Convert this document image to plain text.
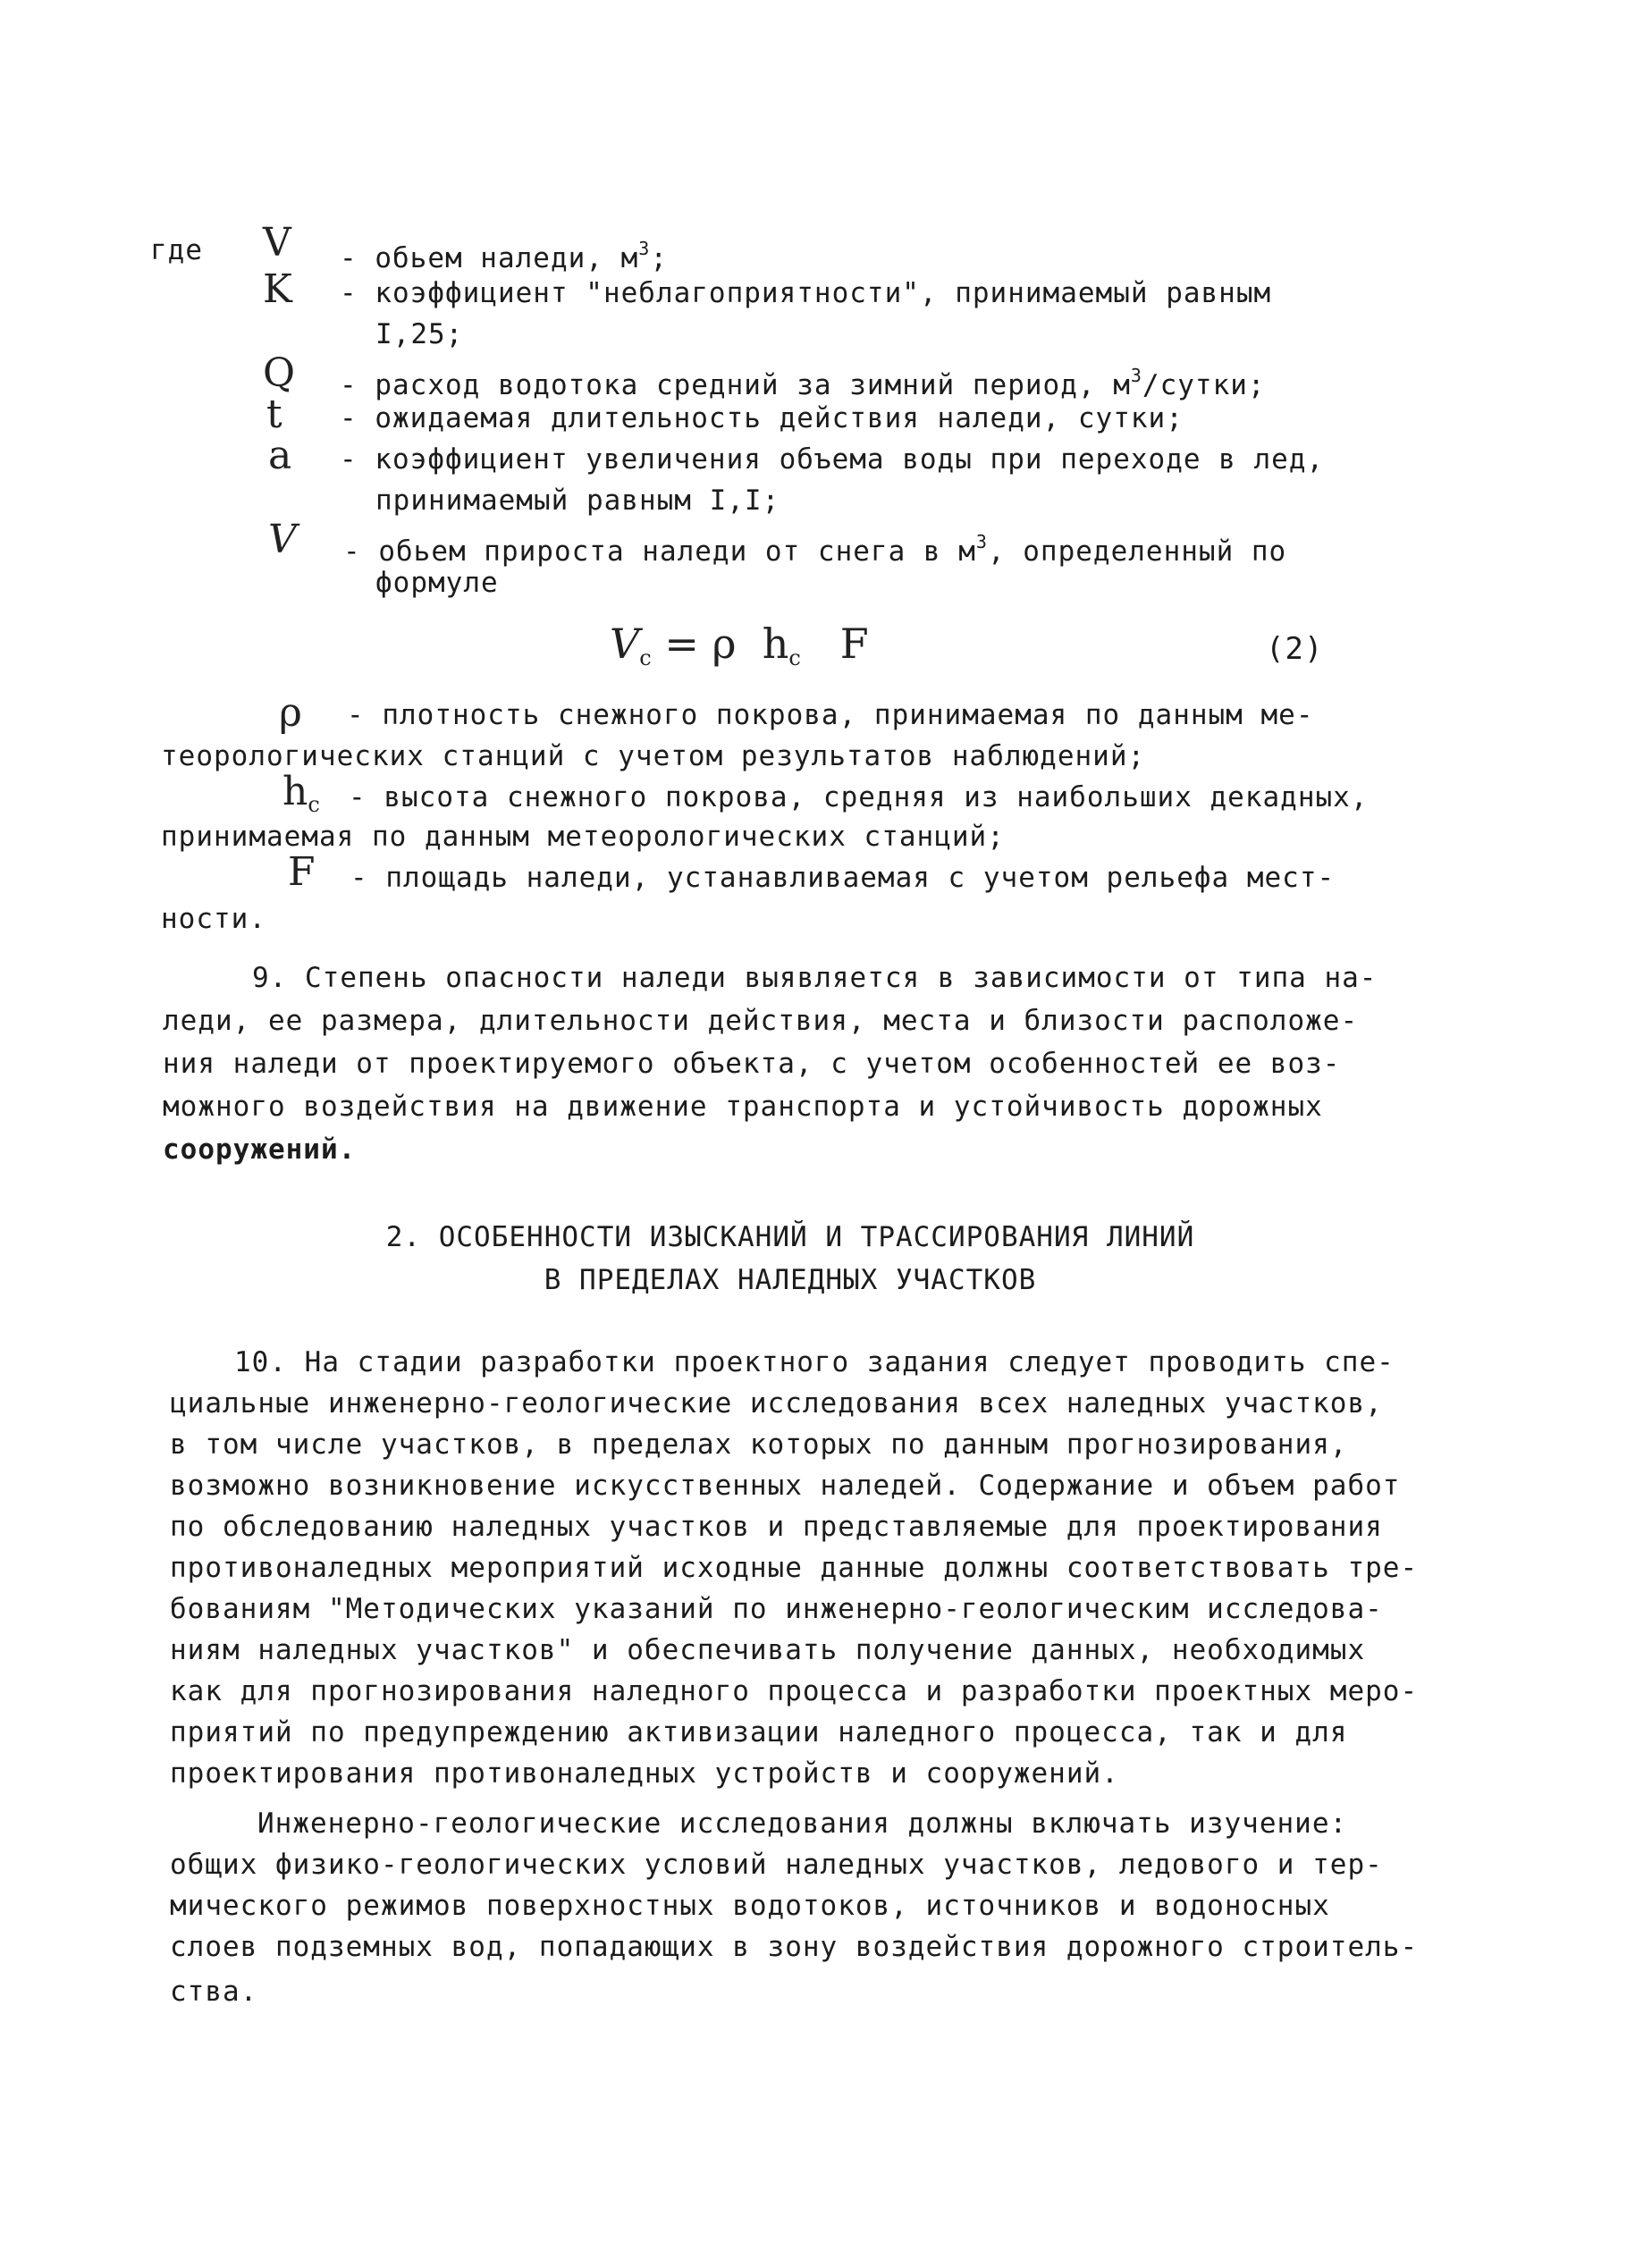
где V - обьем наледи, $м^3$;
K - коэффициент "неблагоприятности", принимаемый равным
I,25;
Q - расход водотока средний за зимний период, $м^3$/сутки;
t - ожидаемая длительность действия наледи, сутки;
a - коэффициент увеличения объема воды при переходе в лед,
принимаемый равным I,I;
V - обьем прироста наледи от снега в $м^3$, определенный по
формуле
$V_c = \rho$ $h_c$ F	(2)
ρ - плотность снежного покрова, принимаемая по данным ме-
теорологических станций с учетом результатов наблюдений;
$h_c$ - высота снежного покрова, средняя из наибольших декадных,
принимаемая по данным метеорологических станций;
F - площадь наледи, устанавливаемая с учетом рельефа мест-
ности.
9. Степень опасности наледи выявляется в зависимости от типа на-
леди, ее размера, длительности действия, места и близости расположе-
ния наледи от проектируемого объекта, с учетом особенностей ее воз-
можного воздействия на движение транспорта и устойчивость дорожных
сооружений.
2. ОСОБЕННОСТИ ИЗЫСКАНИЙ И ТРАССИРОВАНИЯ ЛИНИЙ
В ПРЕДЕЛАХ НАЛЕДНЫХ УЧАСТКОВ
10. На стадии разработки проектного задания следует проводить спе-
циальные инженерно-геологические исследования всех наледных участков,
в том числе участков, в пределах которых по данным прогнозирования,
возможно возникновение искусственных наледей. Содержание и объем работ
по обследованию наледных участков и представляемые для проектирования
противоналедных мероприятий исходные данные должны соответствовать тре-
бованиям "Методических указаний по инженерно-геологическим исследова-
ниям наледных участков" и обеспечивать получение данных, необходимых
как для прогнозирования наледного процесса и разработки проектных меро-
приятий по предупреждению активизации наледного процесса, так и для
проектирования противоналедных устройств и сооружений.
Инженерно-геологические исследования должны включать изучение:
общих физико-геологических условий наледных участков, ледового и тер-
мического режимов поверхностных водотоков, источников и водоносных
слоев подземных вод, попадающих в зону воздействия дорожного строитель-
ства.
